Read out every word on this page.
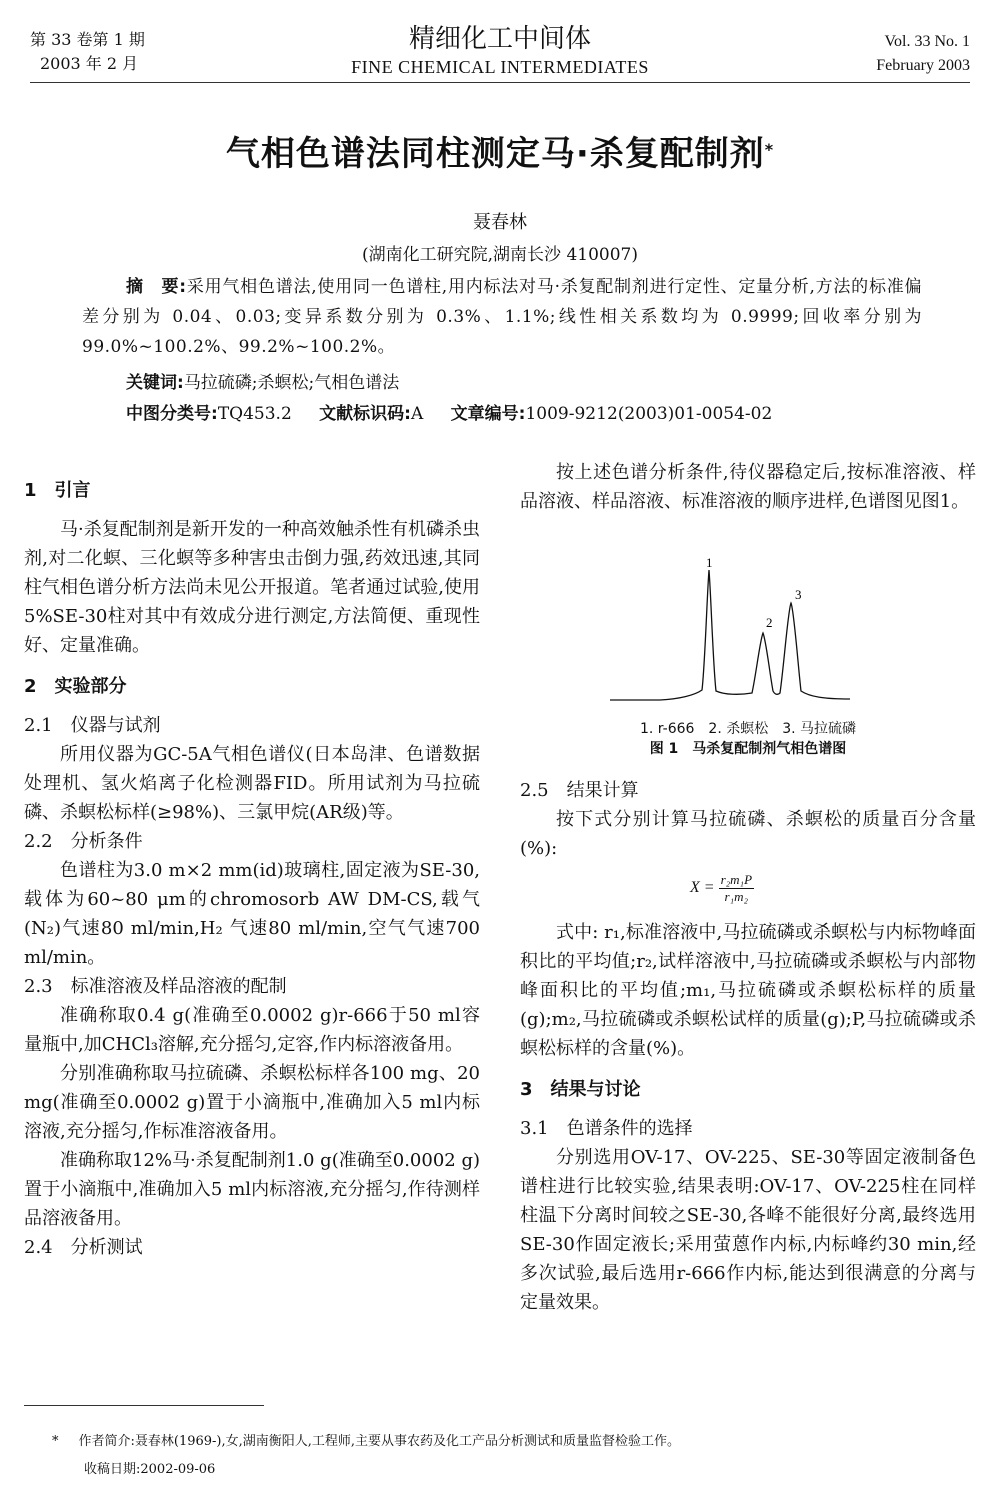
第 33 卷第 1 期
2003 年 2 月
精细化工中间体
FINE CHEMICAL INTERMEDIATES
Vol. 33 No. 1
February 2003
气相色谱法同柱测定马·杀复配制剂*
聂春林
(湖南化工研究院,湖南长沙 410007)
摘　要:采用气相色谱法,使用同一色谱柱,用内标法对马·杀复配制剂进行定性、定量分析,方法的标准偏差分别为 0.04、0.03;变异系数分别为 0.3%、1.1%;线性相关系数均为 0.9999;回收率分别为 99.0%~100.2%、99.2%~100.2%。
关键词:马拉硫磷;杀螟松;气相色谱法
中图分类号:TQ453.2 文献标识码:A 文章编号:1009-9212(2003)01-0054-02

1　引言

马·杀复配制剂是新开发的一种高效触杀性有机磷杀虫剂,对二化螟、三化螟等多种害虫击倒力强,药效迅速,其同柱气相色谱分析方法尚未见公开报道。笔者通过试验,使用5%SE-30柱对其中有效成分进行测定,方法简便、重现性好、定量准确。

2　实验部分

2.1　仪器与试剂

所用仪器为GC-5A气相色谱仪(日本岛津、色谱数据处理机、氢火焰离子化检测器FID。所用试剂为马拉硫磷、杀螟松标样(≥98%)、三氯甲烷(AR级)等。

2.2　分析条件

色谱柱为3.0 m×2 mm(id)玻璃柱,固定液为SE-30,载体为60~80 μm的chromosorb AW DM-CS,载气(N₂)气速80 ml/min,H₂ 气速80 ml/min,空气气速700 ml/min。

2.3　标准溶液及样品溶液的配制

准确称取0.4 g(准确至0.0002 g)r-666于50 ml容量瓶中,加CHCl₃溶解,充分摇匀,定容,作内标溶液备用。

分别准确称取马拉硫磷、杀螟松标样各100 mg、20 mg(准确至0.0002 g)置于小滴瓶中,准确加入5 ml内标溶液,充分摇匀,作标准溶液备用。

准确称取12%马·杀复配制剂1.0 g(准确至0.0002 g)置于小滴瓶中,准确加入5 ml内标溶液,充分摇匀,作待测样品溶液备用。

2.4　分析测试

按上述色谱分析条件,待仪器稳定后,按标准溶液、样品溶液、样品溶液、标准溶液的顺序进样,色谱图见图1。

1
2
3
1. r-666　2. 杀螟松　3. 马拉硫磷
图 1　马杀复配制剂气相色谱图

2.5　结果计算

按下式分别计算马拉硫磷、杀螟松的质量百分含量(%):

$X = \frac{\text{r₂m₁P}}{\text{r₁m₂}}$

式中: r₁,标准溶液中,马拉硫磷或杀螟松与内标物峰面积比的平均值;r₂,试样溶液中,马拉硫磷或杀螟松与内部物峰面积比的平均值;m₁,马拉硫磷或杀螟松标样的质量(g);m₂,马拉硫磷或杀螟松试样的质量(g);P,马拉硫磷或杀螟松标样的含量(%)。

3　结果与讨论

3.1　色谱条件的选择

分别选用OV-17、OV-225、SE-30等固定液制备色谱柱进行比较实验,结果表明:OV-17、OV-225柱在同样柱温下分离时间较之SE-30,各峰不能很好分离,最终选用SE-30作固定液长;采用萤蒽作内标,内标峰约30 min,经多次试验,最后选用r-666作内标,能达到很满意的分离与定量效果。

* 作者简介:聂春林(1969-),女,湖南衡阳人,工程师,主要从事农药及化工产品分析测试和质量监督检验工作。
收稿日期:2002-09-06
